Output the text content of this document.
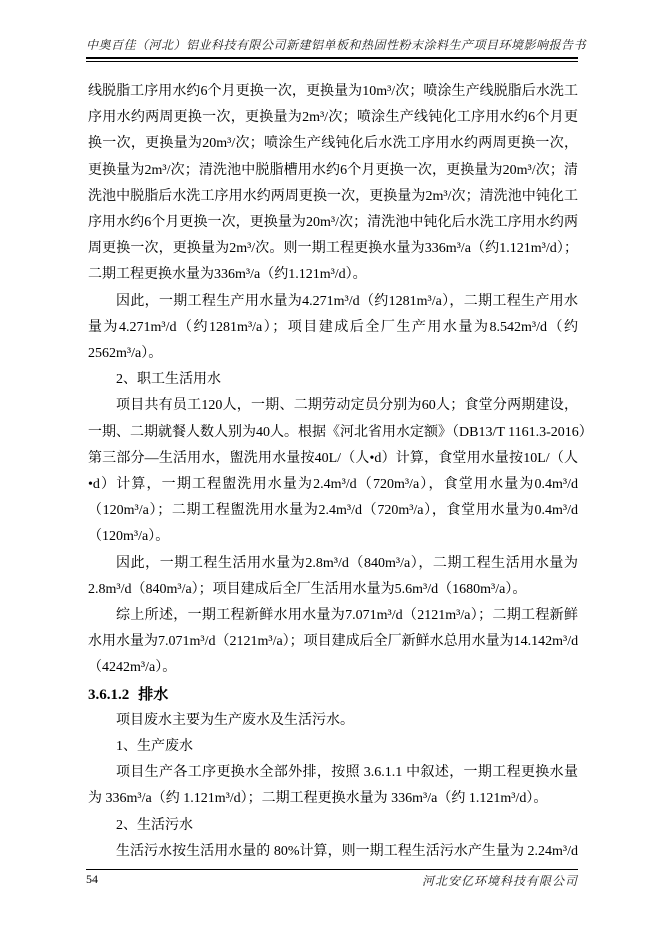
中奥百佳（河北）铝业科技有限公司新建铝单板和热固性粉末涂料生产项目环境影响报告书
线脱脂工序用水约6个月更换一次，更换量为10m³/次；喷涂生产线脱脂后水洗工
序用水约两周更换一次，更换量为2m³/次；喷涂生产线钝化工序用水约6个月更
换一次，更换量为20m³/次；喷涂生产线钝化后水洗工序用水约两周更换一次，
更换量为2m³/次；清洗池中脱脂槽用水约6个月更换一次，更换量为20m³/次；清
洗池中脱脂后水洗工序用水约两周更换一次，更换量为2m³/次；清洗池中钝化工
序用水约6个月更换一次，更换量为20m³/次；清洗池中钝化后水洗工序用水约两
周更换一次，更换量为2m³/次。则一期工程更换水量为336m³/a（约1.121m³/d）；
二期工程更换水量为336m³/a（约1.121m³/d）。
因此，一期工程生产用水量为4.271m³/d（约1281m³/a），二期工程生产用水
量为4.271m³/d（约1281m³/a）；项目建成后全厂生产用水量为8.542m³/d（约
2562m³/a）。
2、职工生活用水
项目共有员工120人，一期、二期劳动定员分别为60人；食堂分两期建设，
一期、二期就餐人数人别为40人。根据《河北省用水定额》（DB13/T 1161.3-2016）
第三部分—生活用水，盥洗用水量按40L/（人•d）计算，食堂用水量按10L/（人
•d）计算，一期工程盥洗用水量为2.4m³/d（720m³/a），食堂用水量为0.4m³/d
（120m³/a）；二期工程盥洗用水量为2.4m³/d（720m³/a），食堂用水量为0.4m³/d
（120m³/a）。
因此，一期工程生活用水量为2.8m³/d（840m³/a），二期工程生活用水量为
2.8m³/d（840m³/a）；项目建成后全厂生活用水量为5.6m³/d（1680m³/a）。
综上所述，一期工程新鲜水用水量为7.071m³/d（2121m³/a）；二期工程新鲜
水用水量为7.071m³/d（2121m³/a）；项目建成后全厂新鲜水总用水量为14.142m³/d
（4242m³/a）。

3.6.1.2 排水

项目废水主要为生产废水及生活污水。
1、生产废水
项目生产各工序更换水全部外排，按照 3.6.1.1 中叙述，一期工程更换水量
为 336m³/a（约 1.121m³/d）；二期工程更换水量为 336m³/a（约 1.121m³/d）。
2、生活污水
生活污水按生活用水量的 80%计算，则一期工程生活污水产生量为 2.24m³/d
54	河北安亿环境科技有限公司
